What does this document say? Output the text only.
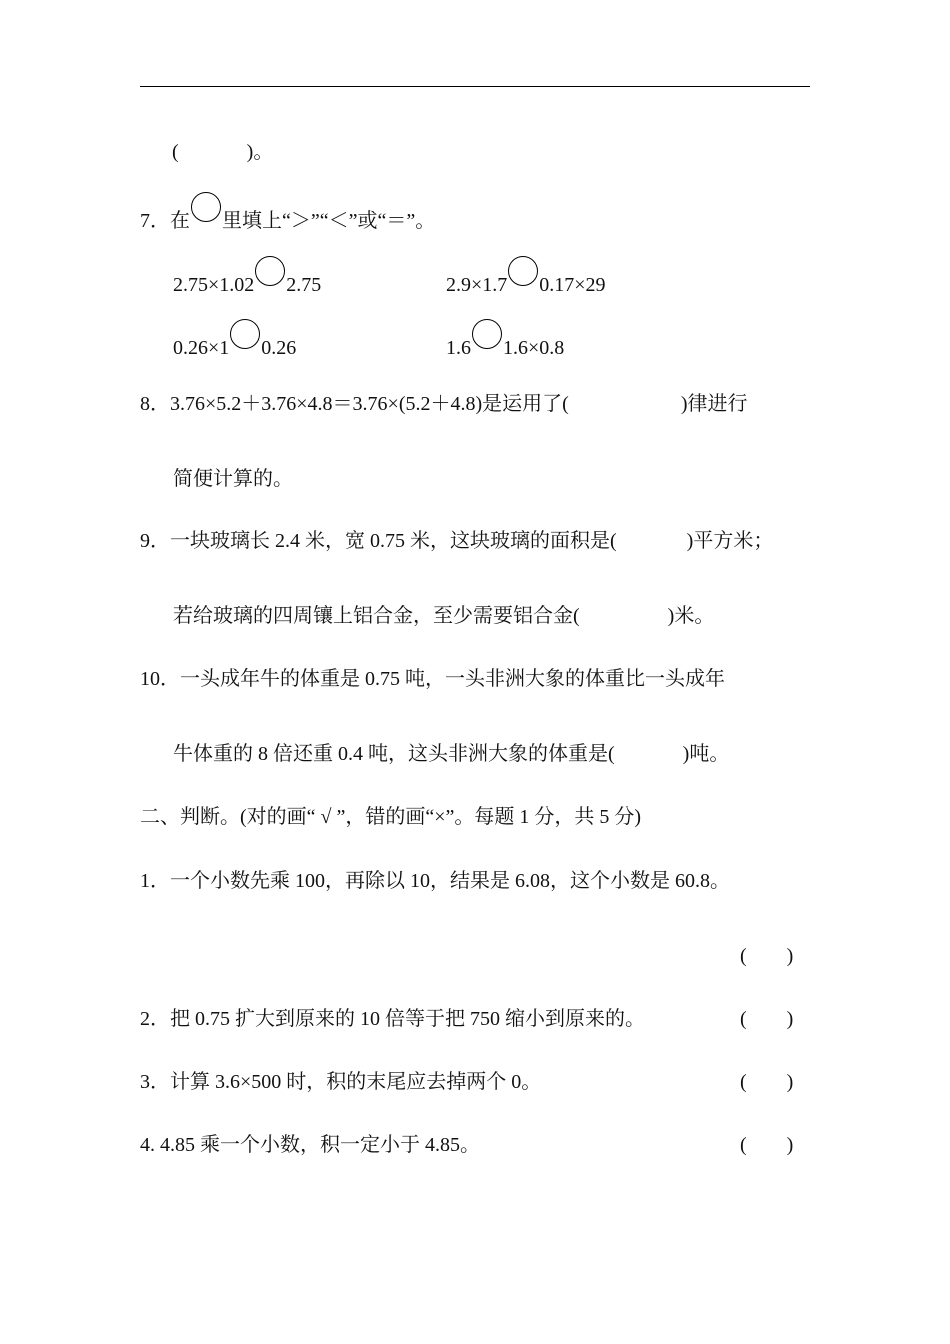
(	)。
7．在 里填上“＞”“＜”或“＝”。
2.75×1.02 2.75	2.9×1.7 0.17×29
0.26×1 0.26	1.6 1.6×0.8
8．3.76×5.2＋3.76×4.8＝3.76×(5.2＋4.8)是运用了(	)律进行
简便计算的。
9．一块玻璃长 2.4 米，宽 0.75 米，这块玻璃的面积是(	)平方米；
若给玻璃的四周镶上铝合金，至少需要铝合金(	)米。
10．一头成年牛的体重是 0.75 吨，一头非洲大象的体重比一头成年
牛体重的 8 倍还重 0.4 吨，这头非洲大象的体重是(	)吨。
二、判断。(对的画“ √ ”，错的画“×”。每题 1 分，共 5 分)
1．一个小数先乘 100，再除以 10，结果是 6.08，这个小数是 60.8。
(　　)
2．把 0.75 扩大到原来的 10 倍等于把 750 缩小到原来的。	(　　)
3．计算 3.6×500 时，积的末尾应去掉两个 0。	(　　)
4. 4.85 乘一个小数，积一定小于 4.85。	(　　)
